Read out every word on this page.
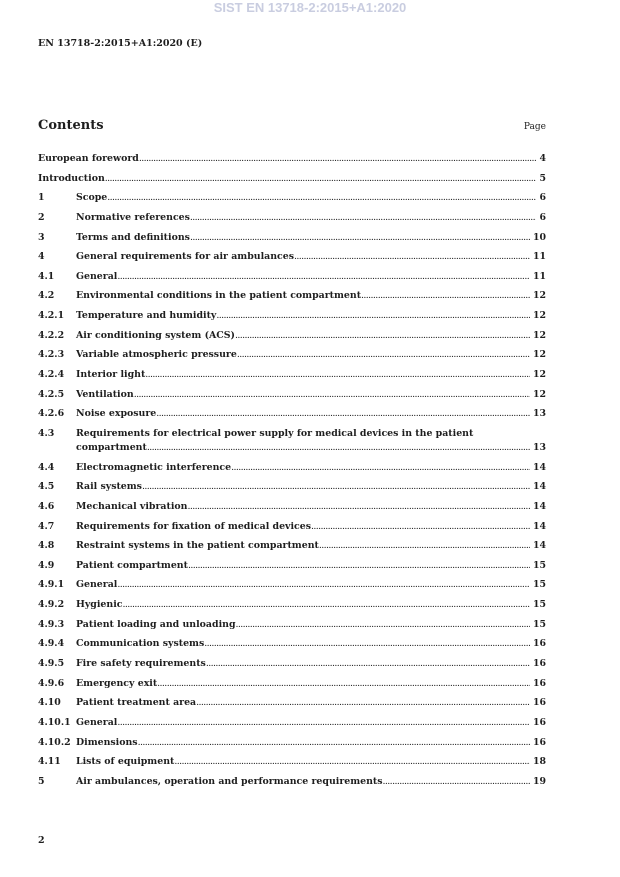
SIST EN 13718-2:2015+A1:2020
EN 13718-2:2015+A1:2020 (E)
Contents	Page
European foreword .....	4
Introduction .....	5
1	Scope .....	6
2	Normative references .....	6
3	Terms and definitions .....	10
4	General requirements for air ambulances .....	11
4.1	General .....	11
4.2	Environmental conditions in the patient compartment .....	12
4.2.1	Temperature and humidity .....	12
4.2.2	Air conditioning system (ACS) .....	12
4.2.3	Variable atmospheric pressure .....	12
4.2.4	Interior light .....	12
4.2.5	Ventilation .....	12
4.2.6	Noise exposure .....	13
4.3	Requirements for electrical power supply for medical devices in the patient
compartment .....	13
4.4	Electromagnetic interference .....	14
4.5	Rail systems .....	14
4.6	Mechanical vibration .....	14
4.7	Requirements for fixation of medical devices .....	14
4.8	Restraint systems in the patient compartment .....	14
4.9	Patient compartment .....	15
4.9.1	General .....	15
4.9.2	Hygienic .....	15
4.9.3	Patient loading and unloading .....	15
4.9.4	Communication systems .....	16
4.9.5	Fire safety requirements .....	16
4.9.6	Emergency exit .....	16
4.10	Patient treatment area .....	16
4.10.1 General .....	16
4.10.2 Dimensions .....	16
4.11	Lists of equipment .....	18
5	Air ambulances, operation and performance requirements .....	19
2
